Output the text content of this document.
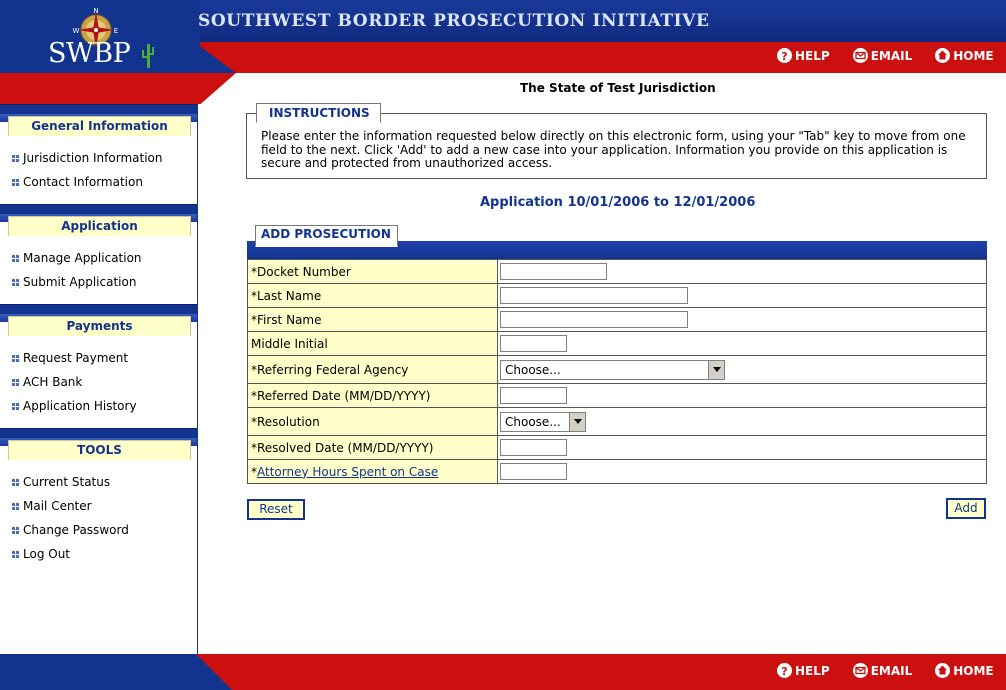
SOUTHWEST BORDER PROSECUTION INITIATIVE
N
W	E
SWBP	? HELP	EMAIL	HOME
General Information
Jurisdiction Information
Contact Information
Application
Manage Application
Submit Application
Payments
Request Payment
ACH Bank
Application History
TOOLS
Current Status
Mail Center
Change Password
Log Out
The State of Test Jurisdiction
Please enter the information requested below directly on this electronic form, using your "Tab" key to move from one field to the next. Click 'Add' to add a new case into your application. Information you provide on this application is secure and protected from unauthorized access.
INSTRUCTIONS
Application 10/01/2006 to 12/01/2006
ADD PROSECUTION
*Docket Number	

*Last Name	

*First Name	

Middle Initial	

*Referring Federal Agency	Choose...

*Referred Date (MM/DD/YYYY)	

*Resolution	Choose...

*Resolved Date (MM/DD/YYYY)	

*Attorney Hours Spent on Case	
Reset	Add
? HELP	EMAIL	HOME
